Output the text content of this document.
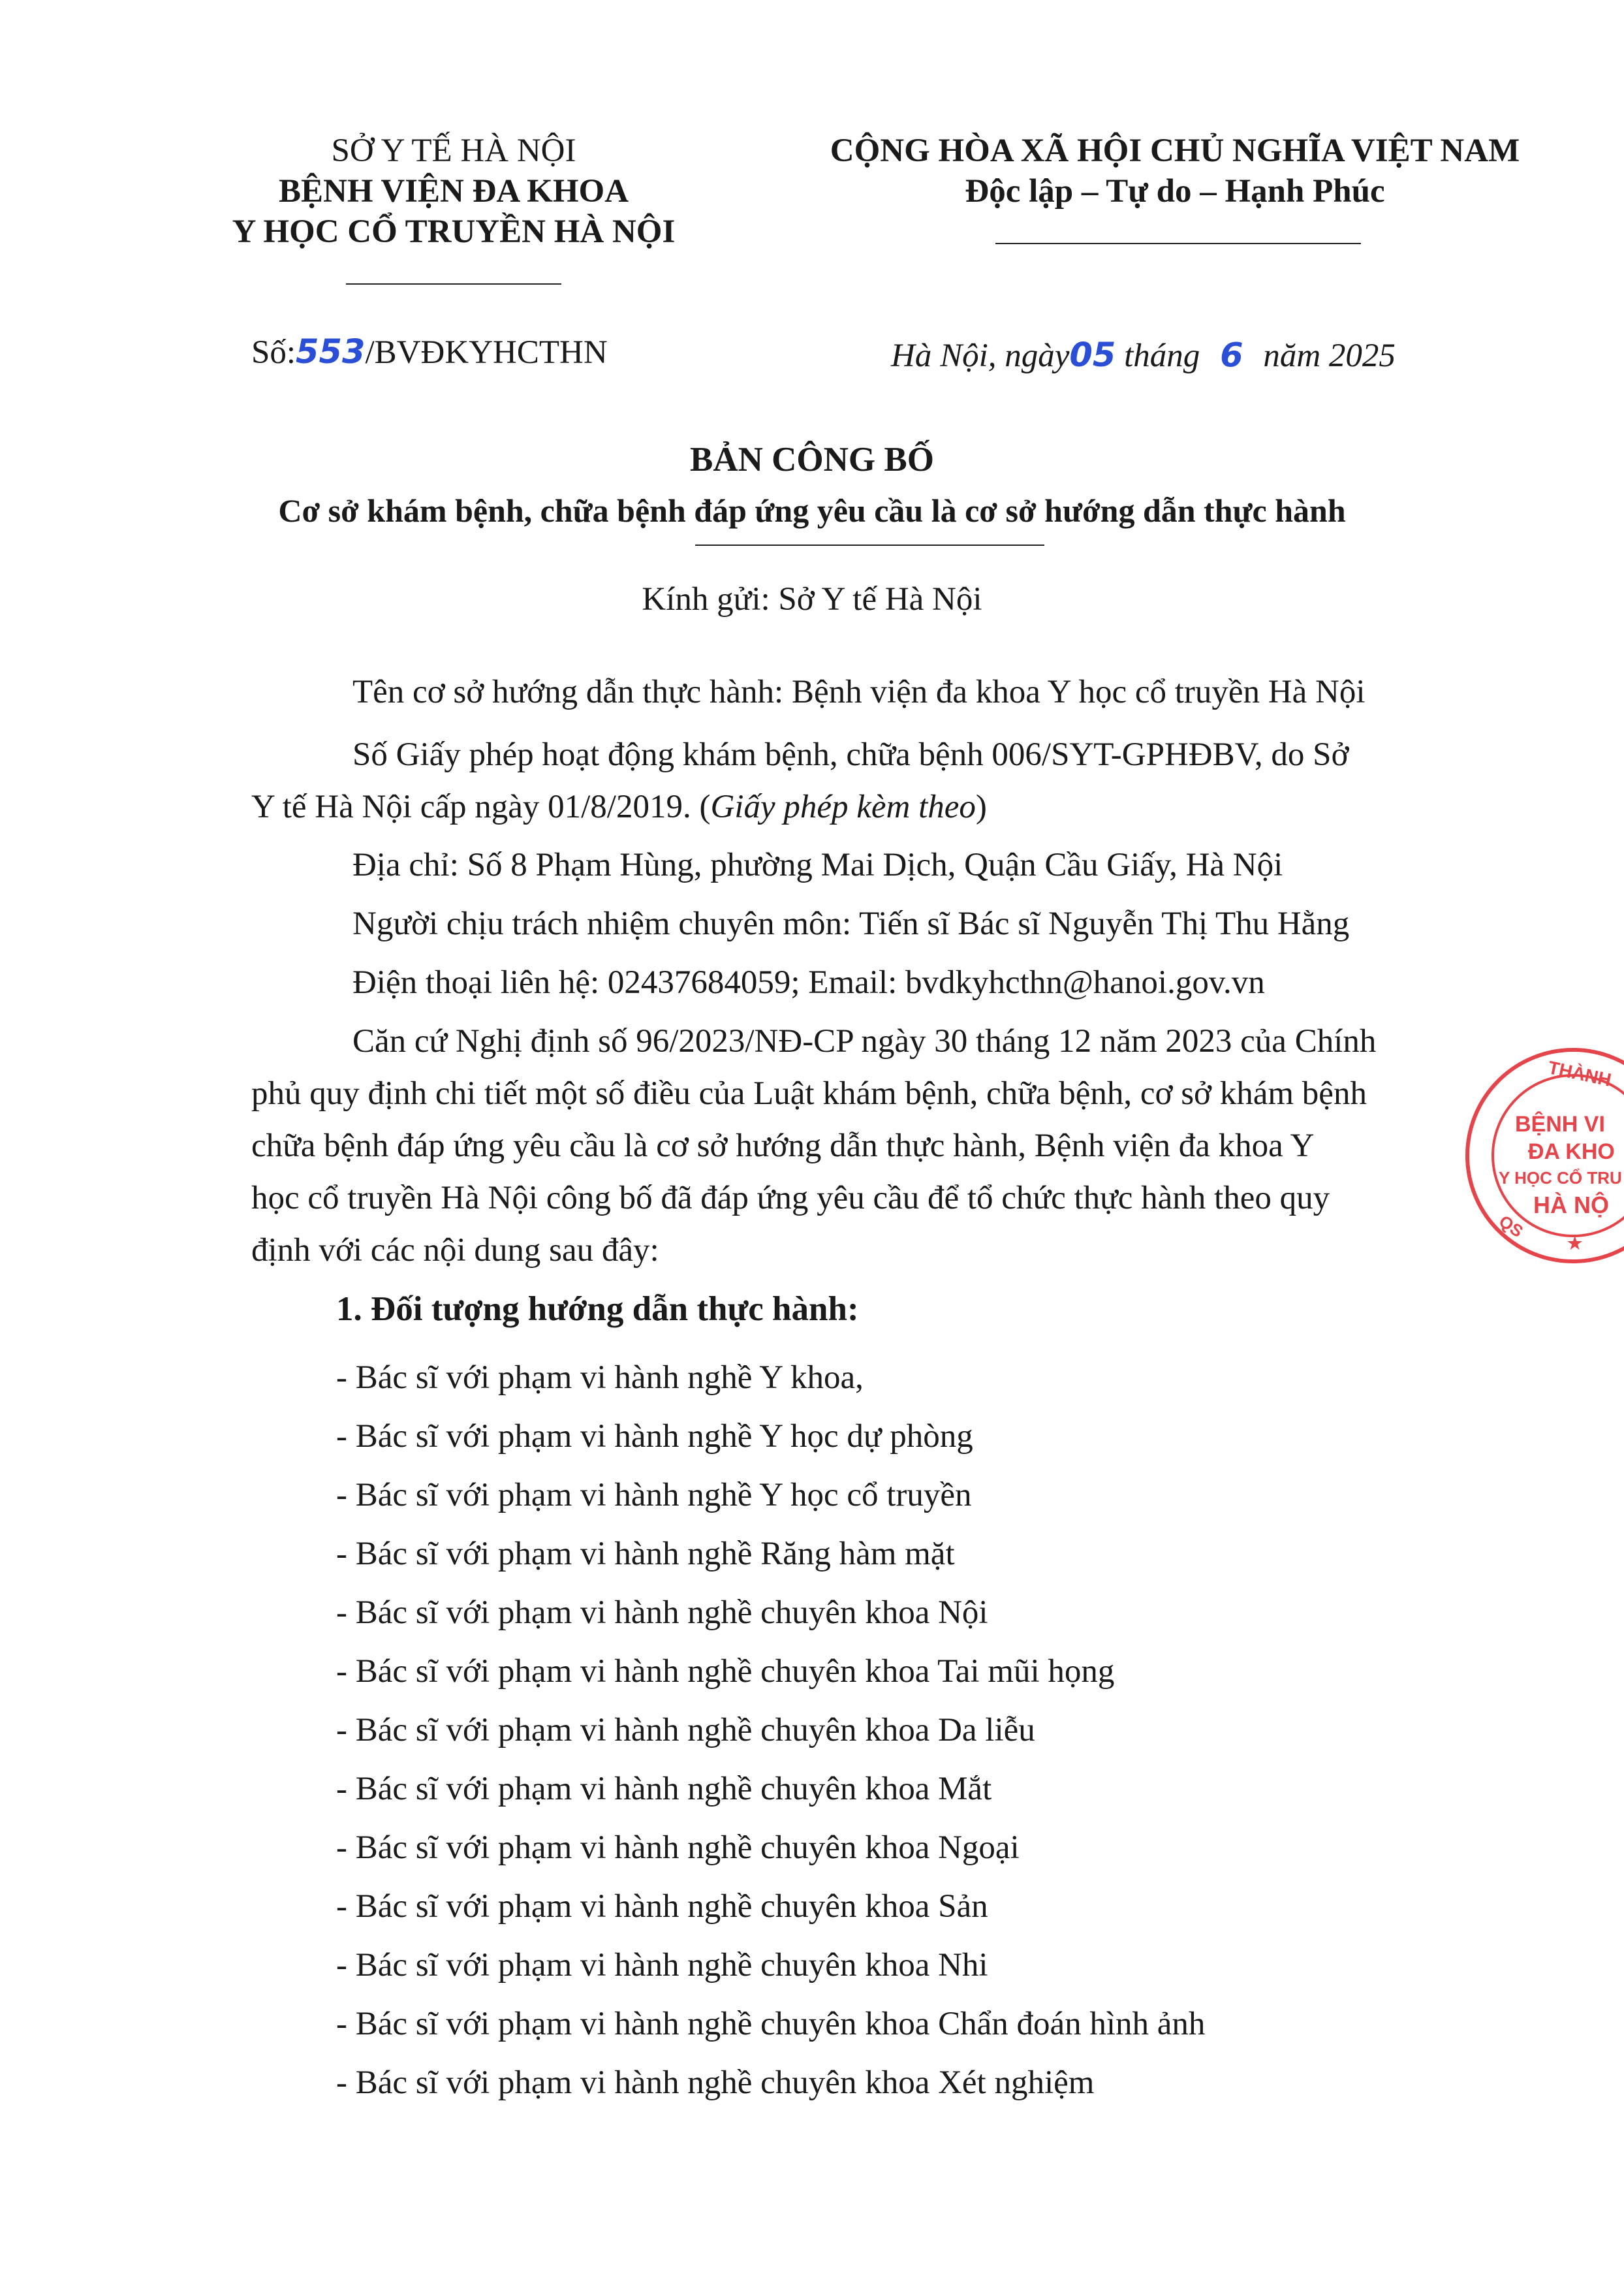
SỞ Y TẾ HÀ NỘI
BỆNH VIỆN ĐA KHOA
Y HỌC CỔ TRUYỀN HÀ NỘI
CỘNG HÒA XÃ HỘI CHỦ NGHĨA VIỆT NAM
Độc lập – Tự do – Hạnh Phúc
Số:553/BVĐKYHCTHN	Hà Nội, ngày05 tháng 6 năm 2025
BẢN CÔNG BỐ
Cơ sở khám bệnh, chữa bệnh đáp ứng yêu cầu là cơ sở hướng dẫn thực hành
Kính gửi: Sở Y tế Hà Nội
Tên cơ sở hướng dẫn thực hành: Bệnh viện đa khoa Y học cổ truyền Hà Nội
Số Giấy phép hoạt động khám bệnh, chữa bệnh 006/SYT-GPHĐBV, do Sở
Y tế Hà Nội cấp ngày 01/8/2019. (Giấy phép kèm theo)
Địa chỉ: Số 8 Phạm Hùng, phường Mai Dịch, Quận Cầu Giấy, Hà Nội
Người chịu trách nhiệm chuyên môn: Tiến sĩ Bác sĩ Nguyễn Thị Thu Hằng
Điện thoại liên hệ: 02437684059; Email: bvdkyhcthn@hanoi.gov.vn
Căn cứ Nghị định số 96/2023/NĐ-CP ngày 30 tháng 12 năm 2023 của Chính
phủ quy định chi tiết một số điều của Luật khám bệnh, chữa bệnh, cơ sở khám bệnh
chữa bệnh đáp ứng yêu cầu là cơ sở hướng dẫn thực hành, Bệnh viện đa khoa Y
học cổ truyền Hà Nội công bố đã đáp ứng yêu cầu để tổ chức thực hành theo quy
định với các nội dung sau đây:
1. Đối tượng hướng dẫn thực hành:
- Bác sĩ với phạm vi hành nghề Y khoa,
- Bác sĩ với phạm vi hành nghề Y học dự phòng
- Bác sĩ với phạm vi hành nghề Y học cổ truyền
- Bác sĩ với phạm vi hành nghề Răng hàm mặt
- Bác sĩ với phạm vi hành nghề chuyên khoa Nội
- Bác sĩ với phạm vi hành nghề chuyên khoa Tai mũi họng
- Bác sĩ với phạm vi hành nghề chuyên khoa Da liễu
- Bác sĩ với phạm vi hành nghề chuyên khoa Mắt
- Bác sĩ với phạm vi hành nghề chuyên khoa Ngoại
- Bác sĩ với phạm vi hành nghề chuyên khoa Sản
- Bác sĩ với phạm vi hành nghề chuyên khoa Nhi
- Bác sĩ với phạm vi hành nghề chuyên khoa Chẩn đoán hình ảnh
- Bác sĩ với phạm vi hành nghề chuyên khoa Xét nghiệm
THÀNH
BỆNH VI
ĐA KHO
Y HỌC CỔ TRU
HÀ NỘ
QS
★
